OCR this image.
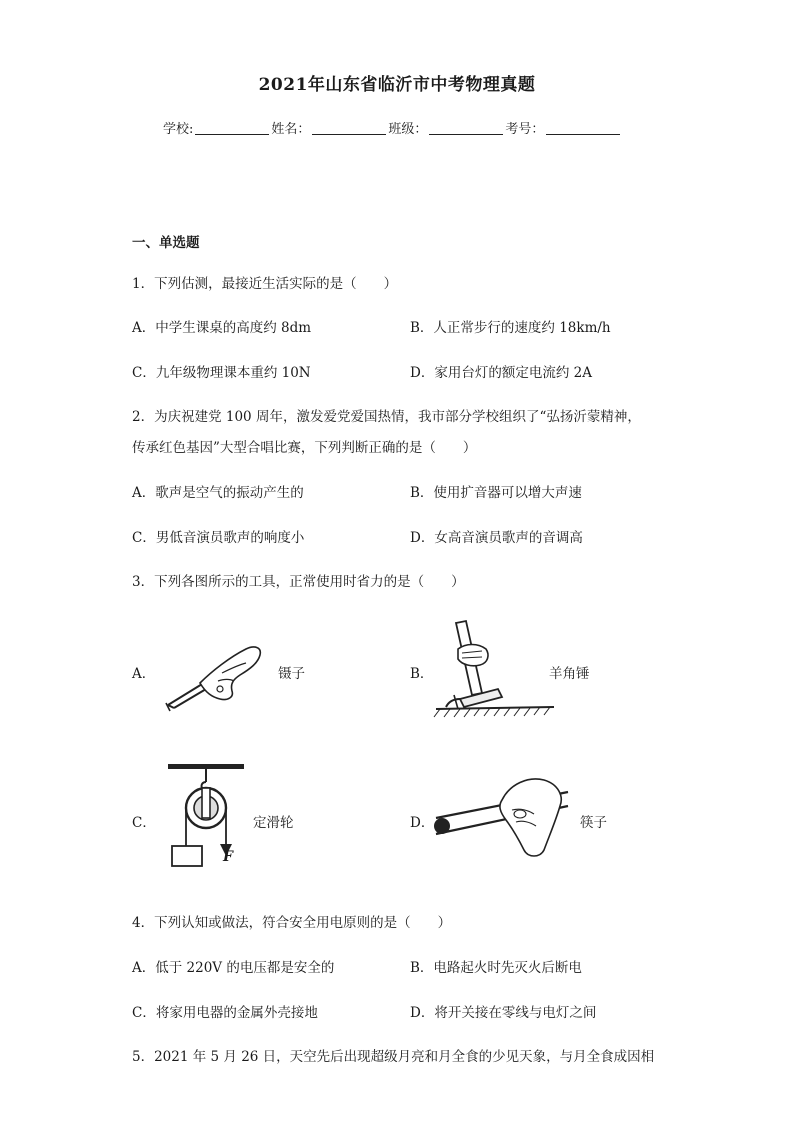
2021年山东省临沂市中考物理真题
学校:	姓名：	班级：	考号：
一、单选题
1．下列估测，最接近生活实际的是（　　）
A．中学生课桌的高度约 8dm	B．人正常步行的速度约 18km/h
C．九年级物理课本重约 10N	D．家用台灯的额定电流约 2A
2．为庆祝建党 100 周年，激发爱党爱国热情，我市部分学校组织了“弘扬沂蒙精神，
传承红色基因”大型合唱比赛，下列判断正确的是（　　）
A．歌声是空气的振动产生的	B．使用扩音器可以增大声速
C．男低音演员歌声的响度小	D．女高音演员歌声的音调高
3．下列各图所示的工具，正常使用时省力的是（　　）
A．	镊子	B．	羊角锤
C．
F
定滑轮	D．	筷子
4．下列认知或做法，符合安全用电原则的是（　　）
A．低于 220V 的电压都是安全的	B．电路起火时先灭火后断电
C．将家用电器的金属外壳接地	D．将开关接在零线与电灯之间
5．2021 年 5 月 26 日，天空先后出现超级月亮和月全食的少见天象，与月全食成因相
